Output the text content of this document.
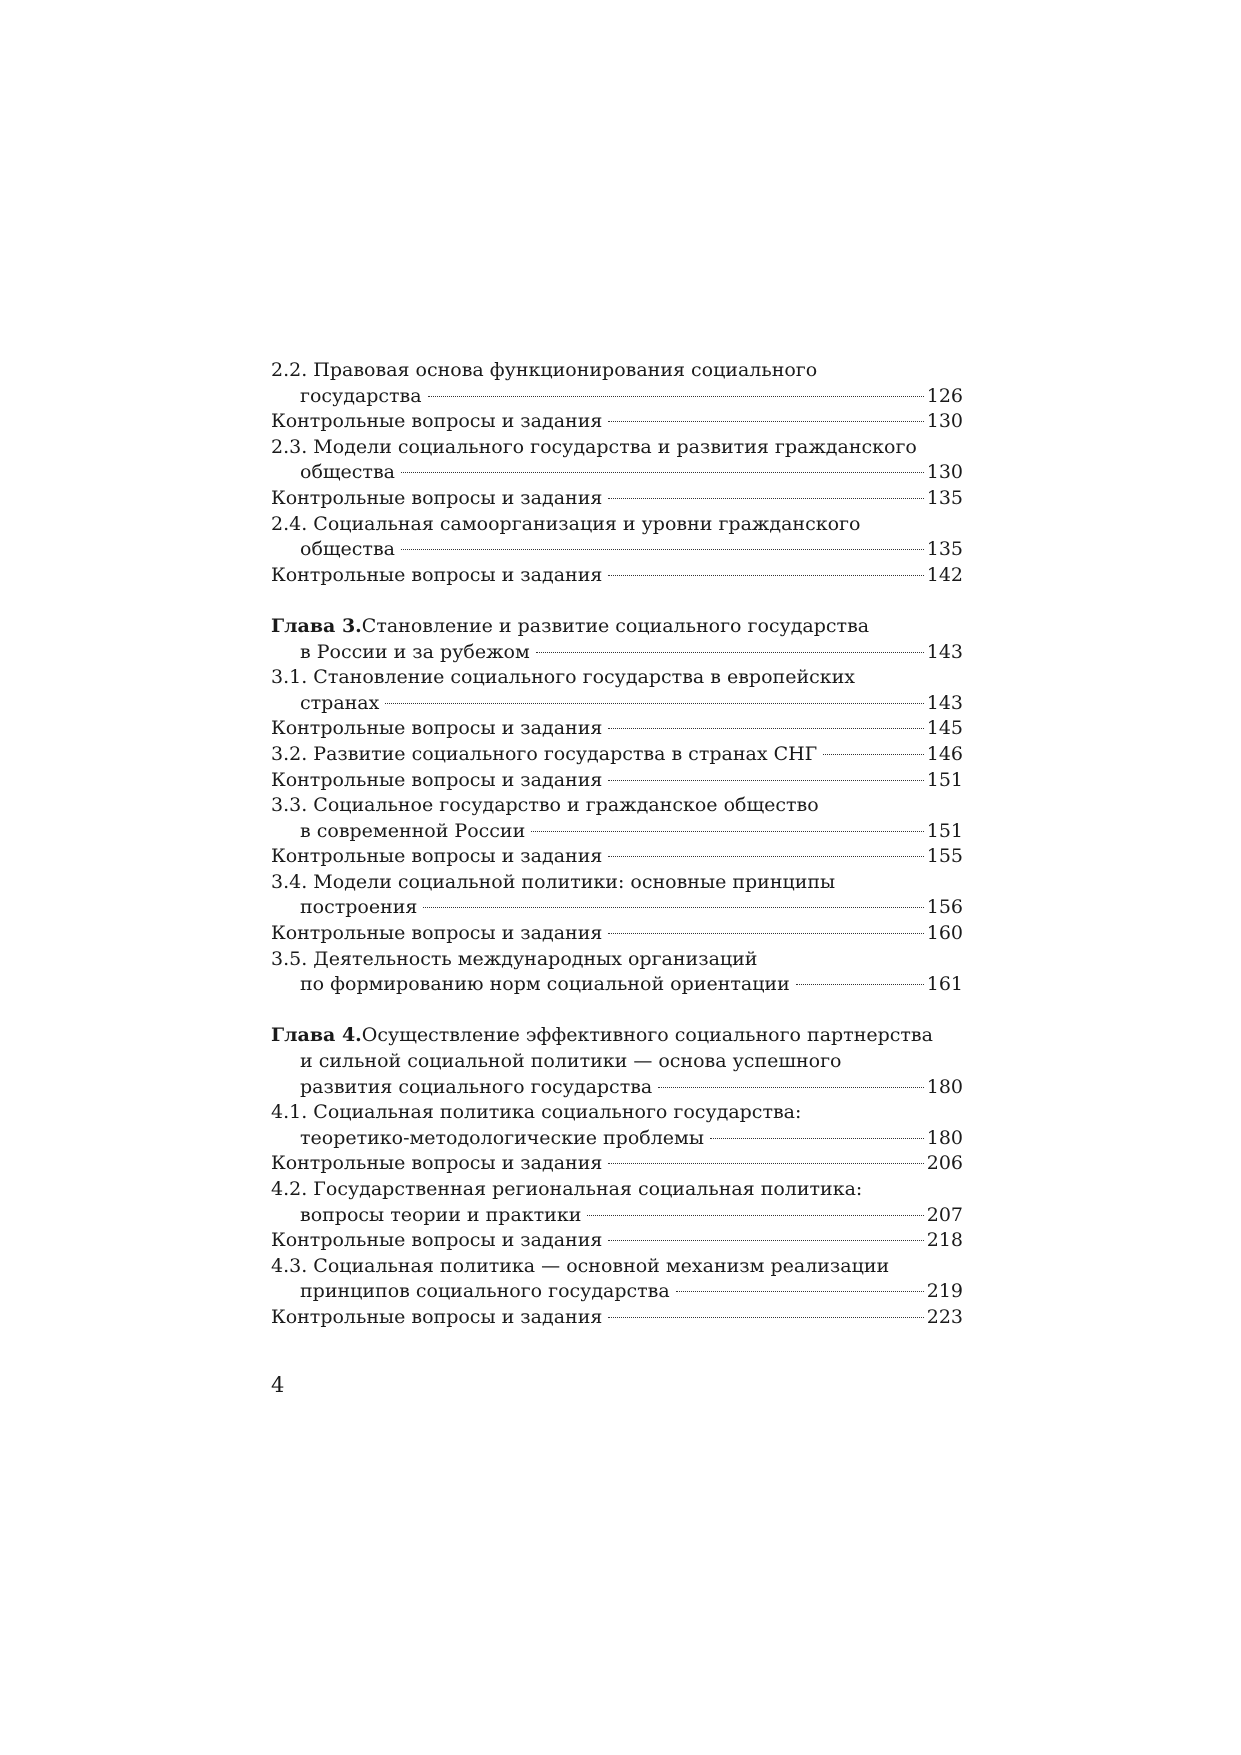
2.2. Правовая основа функционирования социального
государства	126
Контрольные вопросы и задания	130
2.3. Модели социального государства и развития гражданского
общества	130
Контрольные вопросы и задания	135
2.4. Социальная самоорганизация и уровни гражданского
общества	135
Контрольные вопросы и задания	142
Глава 3. Становление и развитие социального государства
в России и за рубежом	143
3.1. Становление социального государства в европейских
странах	143
Контрольные вопросы и задания	145
3.2. Развитие социального государства в странах СНГ	146
Контрольные вопросы и задания	151
3.3. Социальное государство и гражданское общество
в современной России	151
Контрольные вопросы и задания	155
3.4. Модели социальной политики: основные принципы
построения	156
Контрольные вопросы и задания	160
3.5. Деятельность международных организаций
по формированию норм социальной ориентации	161
Глава 4. Осуществление эффективного социального партнерства
и сильной социальной политики — основа успешного
развития социального государства	180
4.1. Социальная политика социального государства:
теоретико-методологические проблемы	180
Контрольные вопросы и задания	206
4.2. Государственная региональная социальная политика:
вопросы теории и практики	207
Контрольные вопросы и задания	218
4.3. Социальная политика — основной механизм реализации
принципов социального государства	219
Контрольные вопросы и задания	223
4
